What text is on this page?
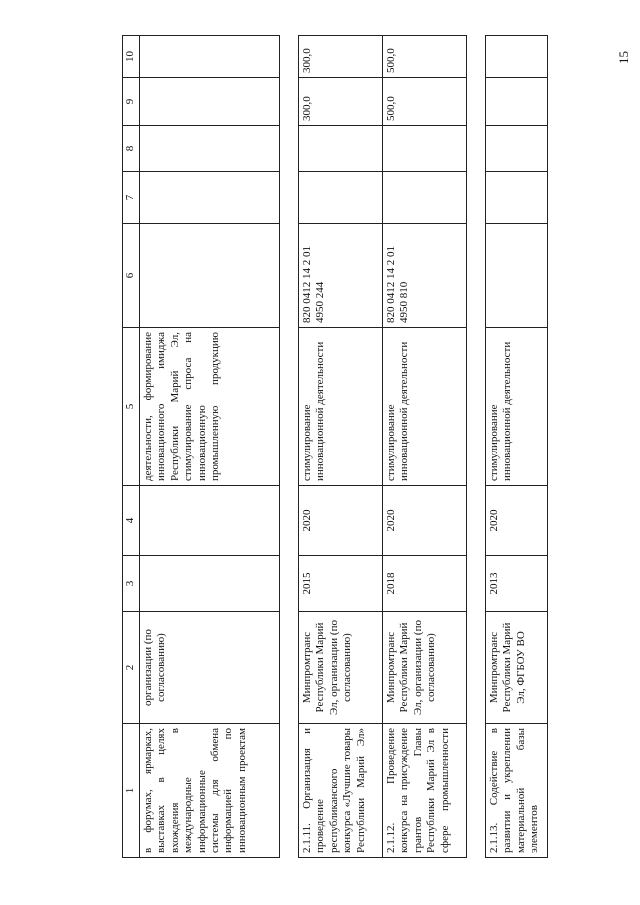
15
1	2	3	4	5	6	7	8	9	10
в форумах, ярмарках, выставках в целях вхождения в международные информационные системы для обмена информацией по инновационным проектам	организации (по согласованию)			деятельности, формирование инновационного имиджа Республики Марий Эл, стимулирование спроса на инновационную промышленную продукцию					

2.1.11. Организация и проведение республиканского конкурса «Лучшие товары Республики Марий Эл»	Минпромтранс Республики Марий Эл, организации (по согласованию)	2015	2020	стимулирование инновационной деятельности	820 0412 14 2 01 4950 244			300,0	300,0
2.1.12. Проведение конкурса на присуждение грантов Главы Республики Марий Эл в сфере промышленности	Минпромтранс Республики Марий Эл, организации (по согласованию)	2018	2020	стимулирование инновационной деятельности	820 0412 14 2 01 4950 810			500,0	500,0

2.1.13. Содействие в развитии и укреплении материальной базы элементов	Минпромтранс Республики Марий Эл, ФГБОУ ВО	2013	2020	стимулирование инновационной деятельности					
